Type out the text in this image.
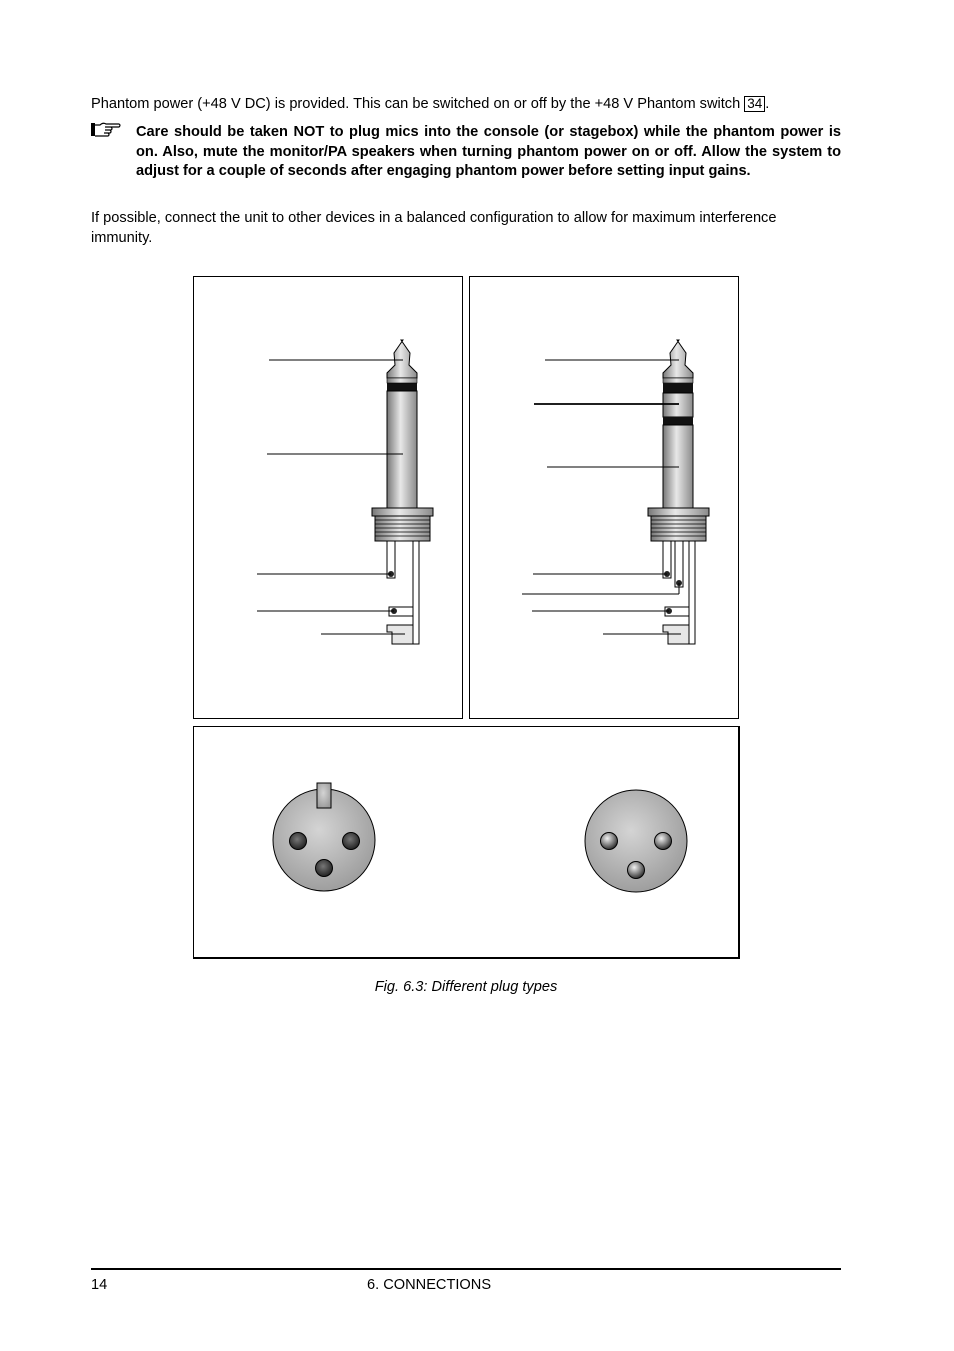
Phantom power (+48 V DC) is provided. This can be switched on or off by the +48 V Phantom switch 34 .

Care should be taken NOT to plug mics into the console (or stagebox) while the phantom power is on. Also, mute the monitor/PA speakers when turning phantom power on or off. Allow the system to adjust for a couple of seconds after engaging phantom power before setting input gains.

If possible, connect the unit to other devices in a balanced configuration to allow for maximum interference immunity.

Fig. 6.3: Different plug types
14	6. CONNECTIONS
